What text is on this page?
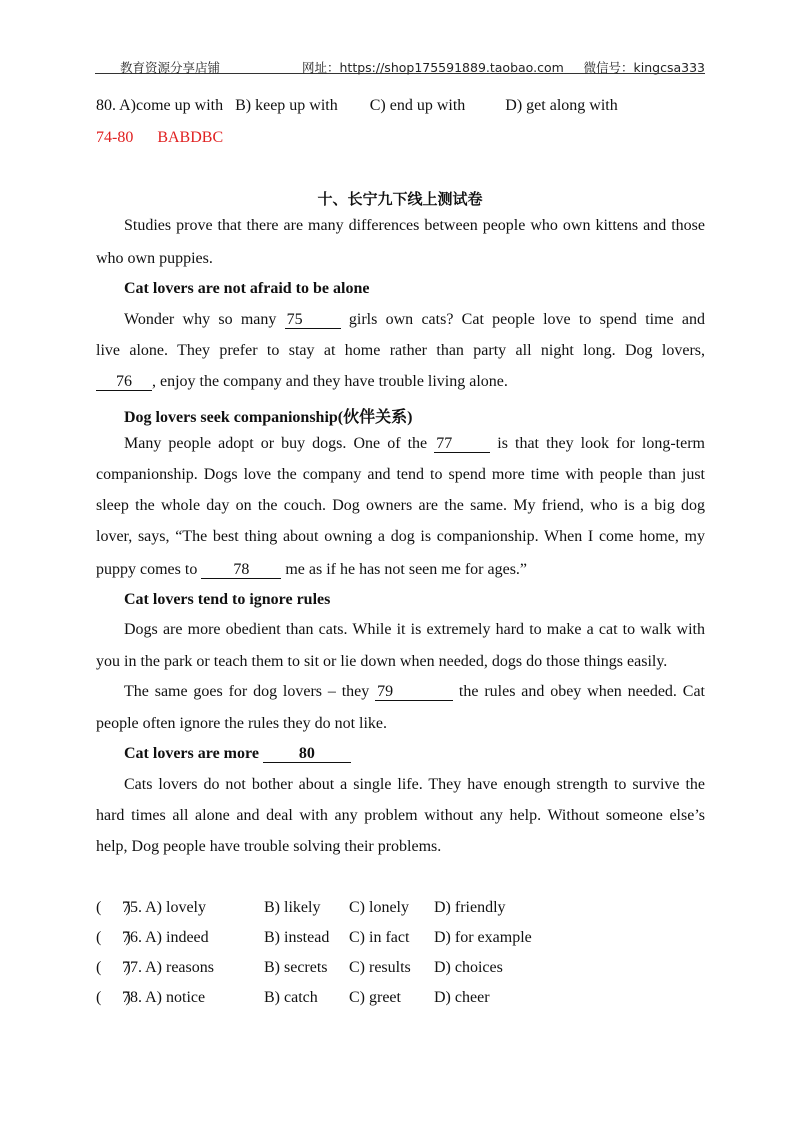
教育资源分享店铺	网址：https://shop175591889.taobao.com 微信号：kingcsa333
80. A)come up with   B) keep up with        C) end up with          D) get along with
74-80 BABDBC
十、长宁九下线上测试卷
Studies prove that there are many differences between people who own kittens and those
who own puppies.
Cat lovers are not afraid to be alone
Wonder why so many 75 girls own cats? Cat people love to spend time and
live alone. They prefer to stay at home rather than party all night long. Dog lovers,
76 , enjoy the company and they have trouble living alone.
Dog lovers seek companionship(伙伴关系)
Many people adopt or buy dogs. One of the 77 is that they look for long-term
companionship. Dogs love the company and tend to spend more time with people than just
sleep the whole day on the couch. Dog owners are the same. My friend, who is a big dog
lover, says, “The best thing about owning a dog is companionship. When I come home, my
puppy comes to 78 me as if he has not seen me for ages.”
Cat lovers tend to ignore rules
Dogs are more obedient than cats. While it is extremely hard to make a cat to walk with
you in the park or teach them to sit or lie down when needed, dogs do those things easily.
The same goes for dog lovers – they 79	the rules and obey when needed. Cat
people often ignore the rules they do not like.
Cat lovers are more 80
Cats lovers do not bother about a single life. They have enough strength to survive the
hard times all alone and deal with any problem without any help. Without someone else’s
help, Dog people have trouble solving their problems.
(      )
75. A) lovely	B) likely C) lonely D) friendly
(      )
76. A) indeed	B) instead C) in fact D) for example
(      )
77. A) reasons	B) secrets C) results D) choices
(      )
78. A) notice	B) catch C) greet D) cheer
